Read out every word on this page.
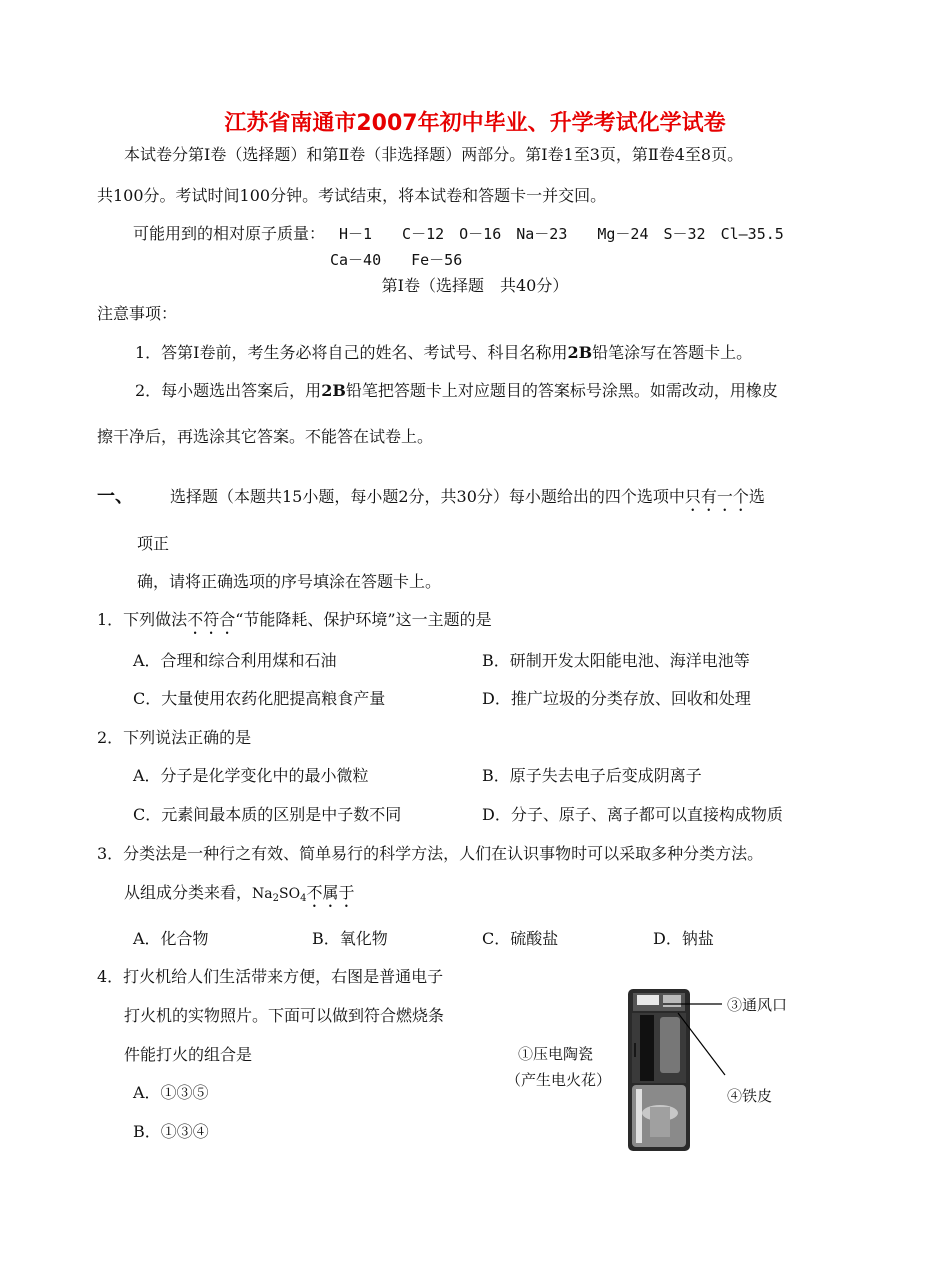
江苏省南通市2007年初中毕业、升学考试化学试卷
本试卷分第Ⅰ卷（选择题）和第Ⅱ卷（非选择题）两部分。第Ⅰ卷1至3页，第Ⅱ卷4至8页。
共100分。考试时间100分钟。考试结束，将本试卷和答题卡一并交回。
可能用到的相对原子质量： H－1　　C－12　O－16　Na－23　　Mg－24　S－32　Cl—35.5
Ca－40　　Fe－56
第Ⅰ卷（选择题　共40分）
注意事项：
1．答第Ⅰ卷前，考生务必将自己的姓名、考试号、科目名称用2B铅笔涂写在答题卡上。
2．每小题选出答案后，用2B铅笔把答题卡上对应题目的答案标号涂黑。如需改动，用橡皮
擦干净后，再选涂其它答案。不能答在试卷上。
一、 选择题（本题共15小题，每小题2分，共30分）每小题给出的四个选项中只有一个选
项正
确，请将正确选项的序号填涂在答题卡上。
1．下列做法不符合“节能降耗、保护环境”这一主题的是
A．合理和综合利用煤和石油	B．研制开发太阳能电池、海洋电池等
C．大量使用农药化肥提高粮食产量	D．推广垃圾的分类存放、回收和处理
2．下列说法正确的是
A．分子是化学变化中的最小微粒	B．原子失去电子后变成阴离子
C．元素间最本质的区别是中子数不同	D．分子、原子、离子都可以直接构成物质
3．分类法是一种行之有效、简单易行的科学方法，人们在认识事物时可以采取多种分类方法。
从组成分类来看，$Na_2SO_4$不属于
A．化合物	B．氧化物	C．硫酸盐	D．钠盐
4．打火机给人们生活带来方便，右图是普通电子
打火机的实物照片。下面可以做到符合燃烧条
件能打火的组合是
A．①③⑤
B．①③④
③通风口
①压电陶瓷
（产生电火花）
④铁皮
